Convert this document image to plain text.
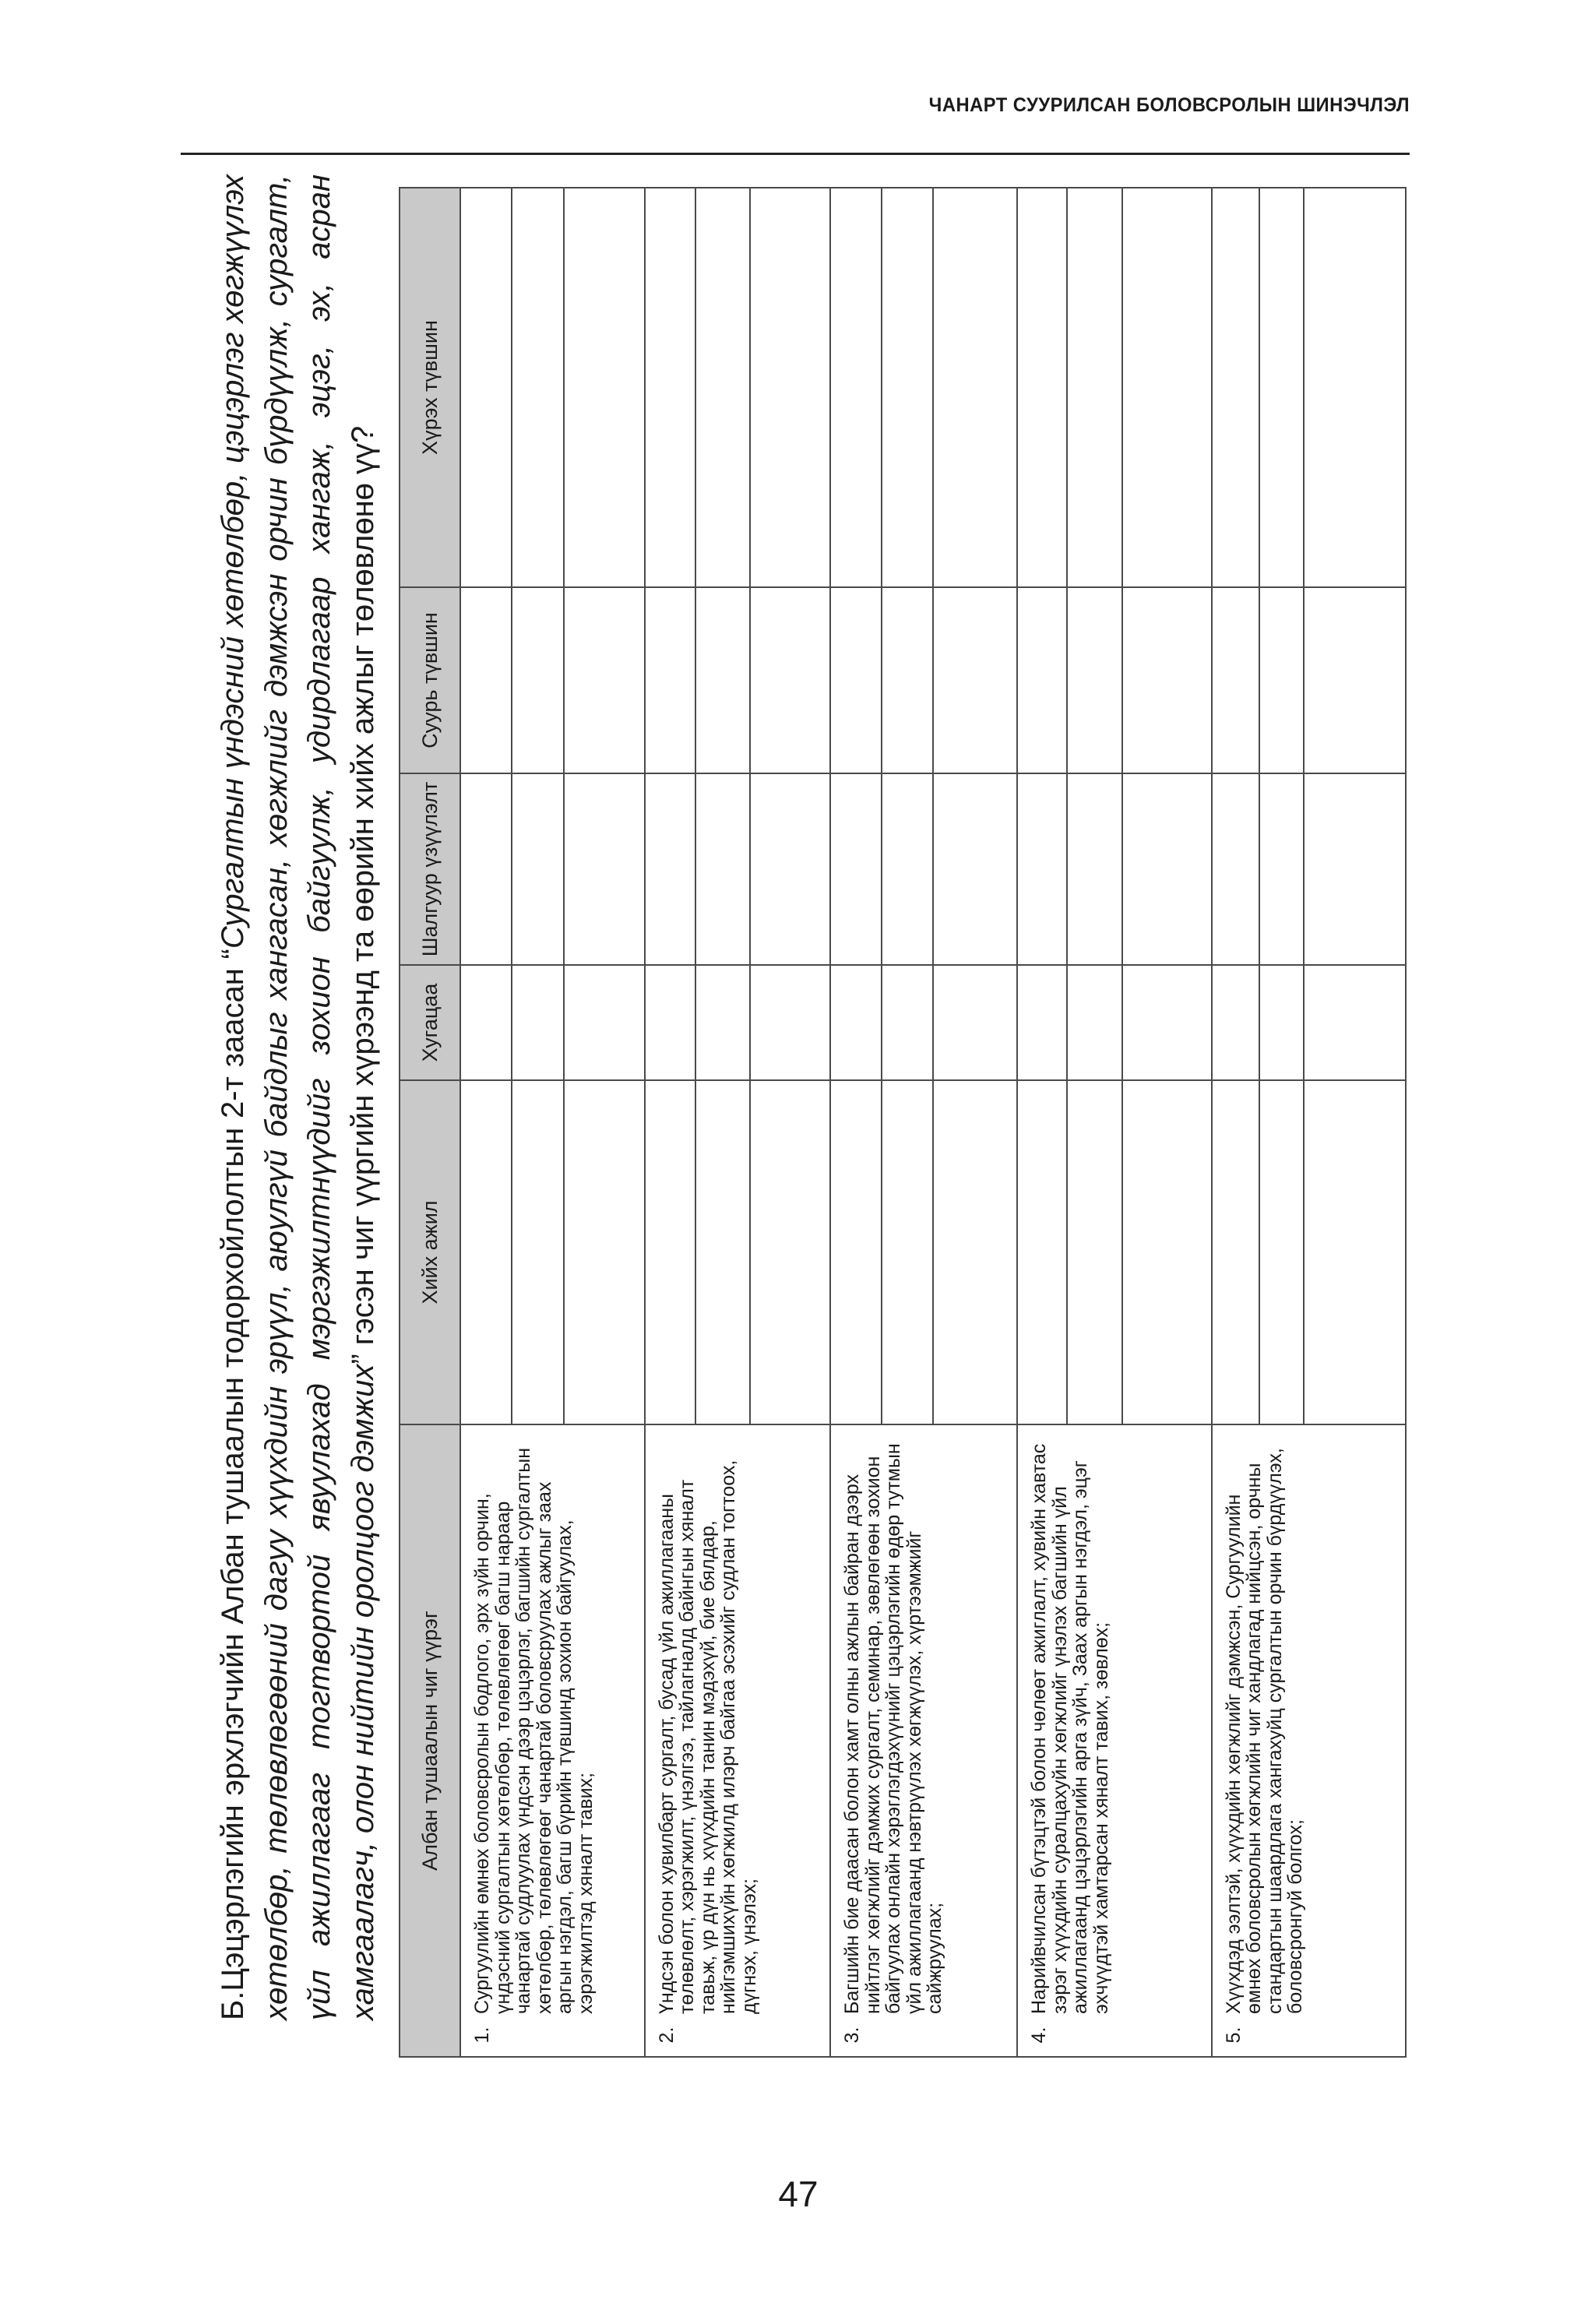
ЧАНАРТ СУУРИЛСАН БОЛОВСРОЛЫН ШИНЭЧЛЭЛ

Б.Цэцэрлэгийн эрхлэгчийн Албан тушаалын тодорхойлолтын 2-т заасан “Сургалтын үндэсний хөтөлбөр, цэцэрлэг хөгжүүлэх хөтөлбөр, төлөвлөгөөний дагуу хүүхдийн эрүүл, аюулгүй байдлыг хангасан, хөгжлийг дэмжсэн орчин бүрдүүлж, сургалт, үйл ажиллагааг тогтвортой явуулахад мэргэжилтнүүдийг зохион байгуулж, удирдлагаар хангаж, эцэг, эх, асран хамгаалагч, олон нийтийн оролцоог дэмжих” гэсэн чиг үүргийн хүрээнд та өөрийн хийх ажлыг төлөвлөнө үү?

Албан тушаалын чиг үүрэг	Хийх ажил	Хугацаа	Шалгуур үзүүлэлт	Суурь түвшин	Хүрэх түвшин

1.
Сургуулийн өмнөх боловсролын бодлого, эрх зүйн орчин, үндэсний сургалтын хөтөлбөр, төлөвлөгөөг багш нараар чанартай судлуулах үндсэн дээр цэцэрлэг, багшийн сургалтын хөтөлбөр, төлөвлөгөөг чанартай боловсруулах ажлыг заах аргын нэгдэл, багш бүрийн түвшинд зохион байгуулах, хэрэгжилтэд хяналт тавих;					

2.
Үндсэн болон хувилбарт сургалт, бусад үйл ажиллагааны төлөвлөлт, хэрэгжилт, үнэлгээ, тайлагналд байнгын хяналт тавьж, үр дүн нь хүүхдийн танин мэдэхүй, бие бялдар, нийгэмшихүйн хөгжилд илэрч байгаа эсэхийг судлан тогтоох, дүгнэх, үнэлэх;					

3.
Багшийн бие даасан болон хамт олны ажлын байран дээрх нийтлэг хөгжлийг дэмжих сургалт, семинар, зөвлөгөөн зохион байгуулах онлайн хэрэглэгдэхүүнийг цэцэрлэгийн өдөр тутмын үйл ажиллагаанд нэвтрүүлэх хөгжүүлэх, хүртээмжийг сайжруулах;					

4.
Нарийвчилсан бүтэцтэй болон чөлөөт ажиглалт, хувийн хавтас зэрэг хүүхдийн суралцахуйн хөгжлийг үнэлэх багшийн үйл ажиллагаанд цэцэрлэгийн арга зүйч, Заах аргын нэгдэл, эцэг эхчүүдтэй хамтарсан хяналт тавих, зөвлөх;					

5.
Хүүхдэд ээлтэй, хүүхдийн хөгжлийг дэмжсэн, Сургуулийн өмнөх боловсролын хөгжлийн чиг хандлагад нийцсэн, орчны стандартын шаардлага хангахуйц сургалтын орчин бүрдүүлэх, боловсронгуй болгох;					

47
